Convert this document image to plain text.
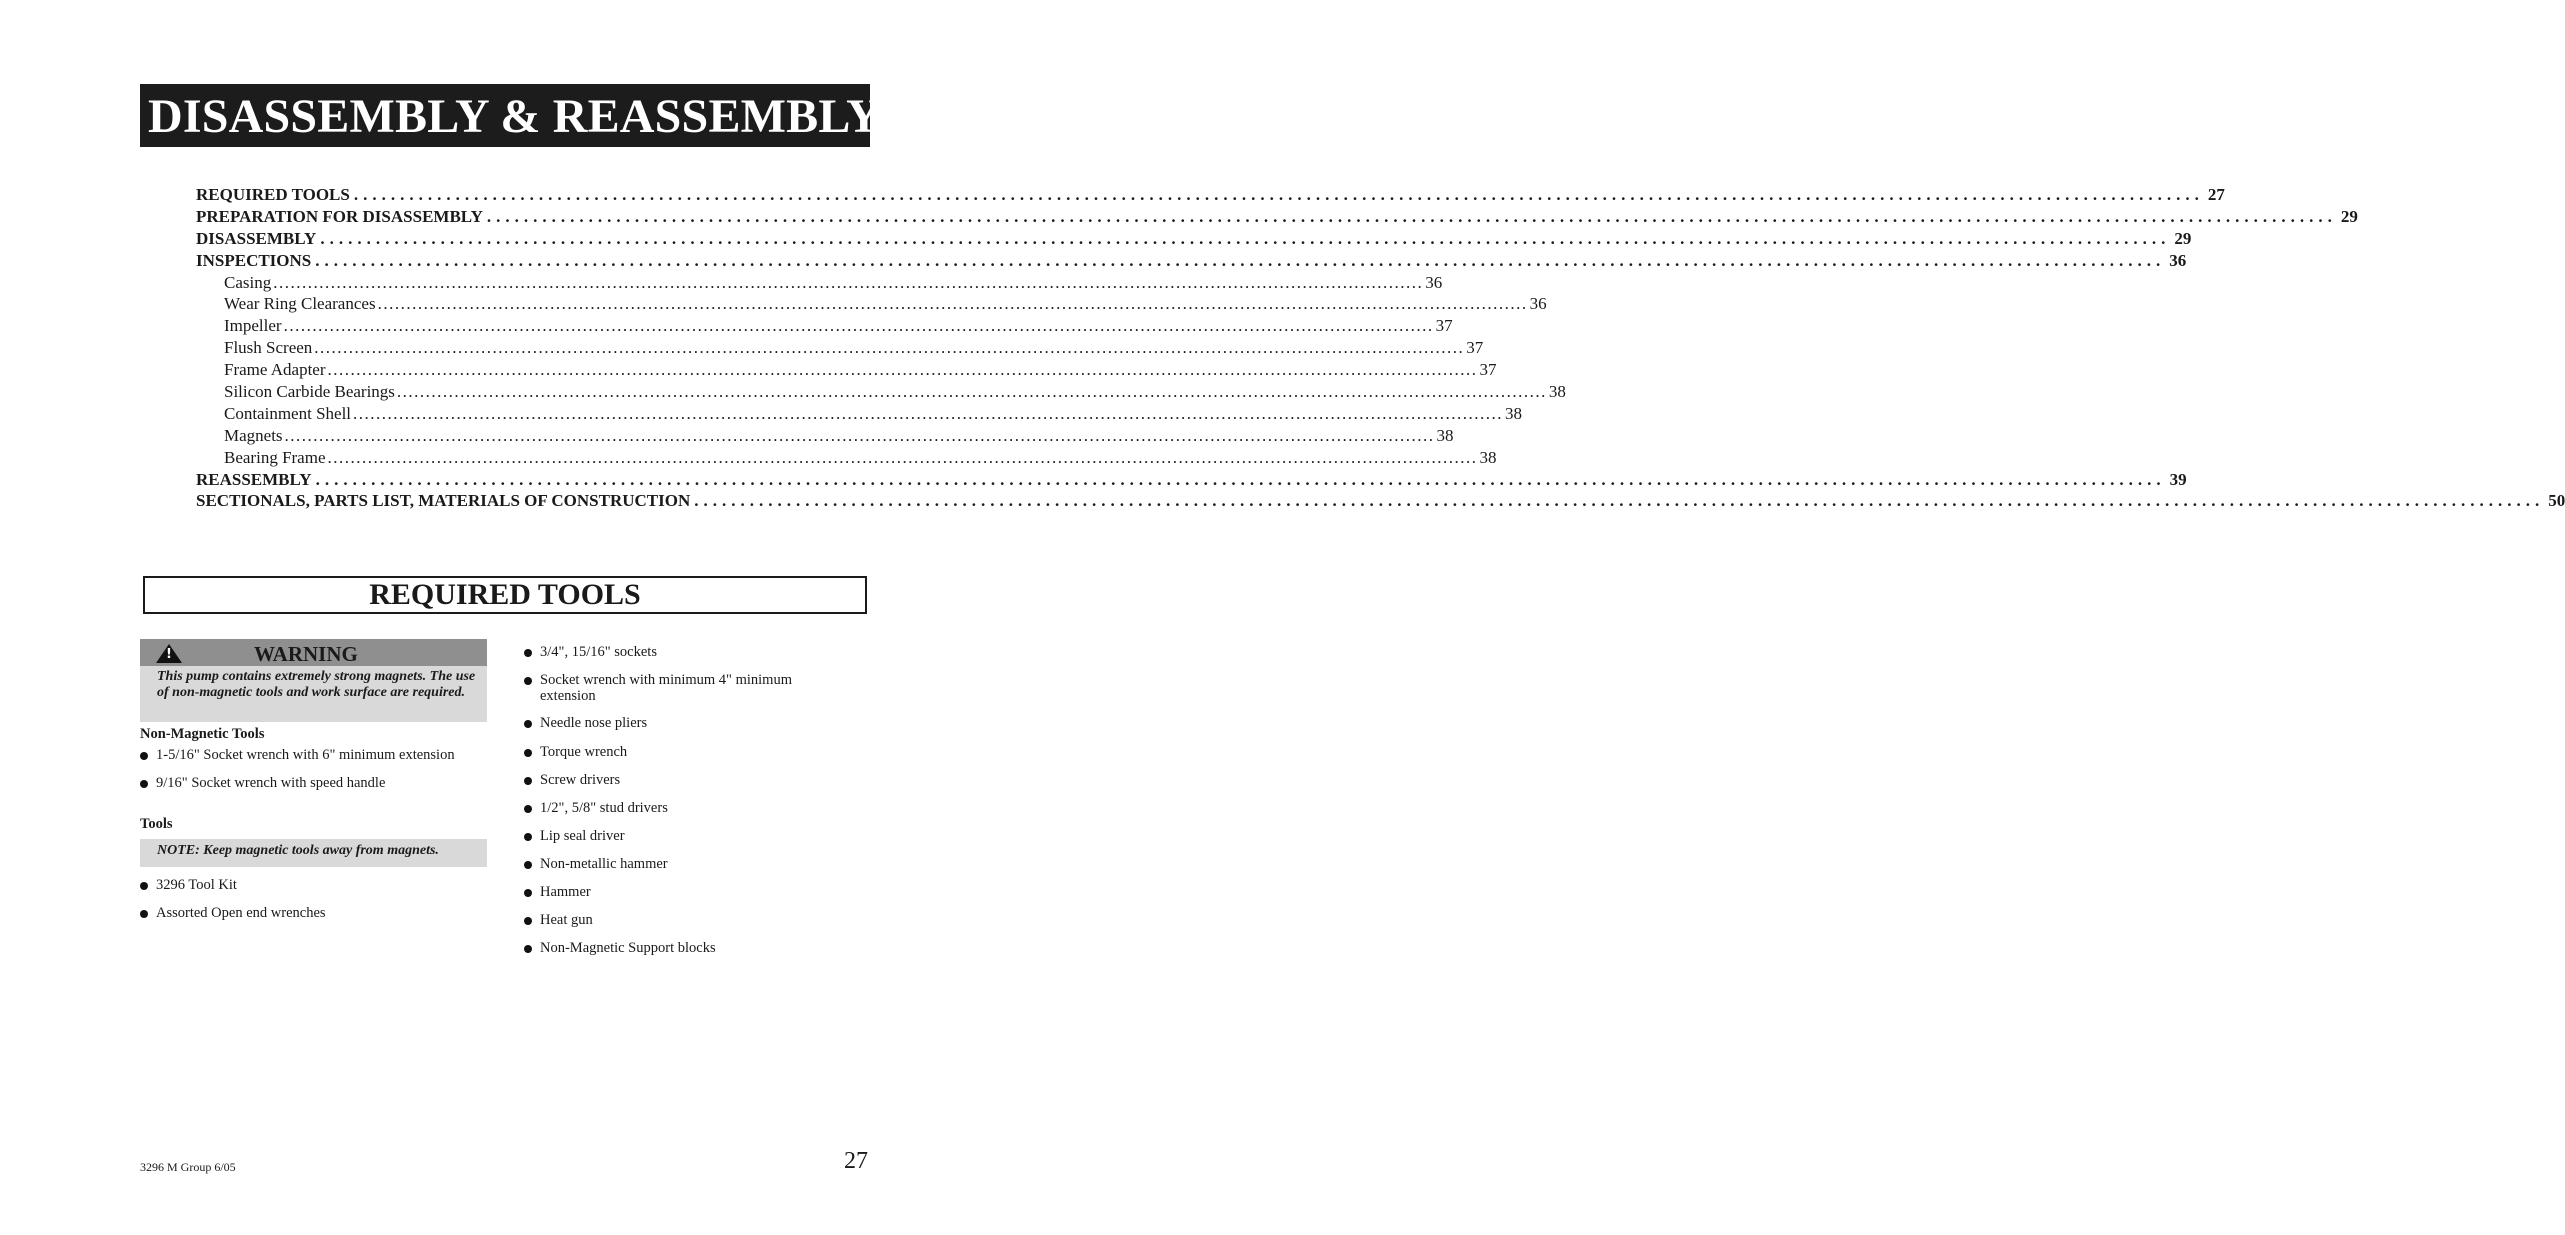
DISASSEMBLY & REASSEMBLY
REQUIRED TOOLS ........................................................................................................................................................................................................ 27
PREPARATION FOR DISASSEMBLY ........................................................................................................................................................................................................ 29
DISASSEMBLY ........................................................................................................................................................................................................ 29
INSPECTIONS ........................................................................................................................................................................................................ 36
Casing ........................................................................................................................................................................................................ 36
Wear Ring Clearances ........................................................................................................................................................................................................ 36
Impeller ........................................................................................................................................................................................................ 37
Flush Screen ........................................................................................................................................................................................................ 37
Frame Adapter ........................................................................................................................................................................................................ 37
Silicon Carbide Bearings ........................................................................................................................................................................................................ 38
Containment Shell ........................................................................................................................................................................................................ 38
Magnets ........................................................................................................................................................................................................ 38
Bearing Frame ........................................................................................................................................................................................................ 38
REASSEMBLY ........................................................................................................................................................................................................ 39
SECTIONALS, PARTS LIST, MATERIALS OF CONSTRUCTION ........................................................................................................................................................................................................ 50
REQUIRED TOOLS
!	WARNING
This pump contains extremely strong magnets. The use of non-magnetic tools and work surface are required.
Non-Magnetic Tools
1-5/16" Socket wrench with 6" minimum extension
9/16" Socket wrench with speed handle
Tools
NOTE: Keep magnetic tools away from magnets.
3296 Tool Kit
Assorted Open end wrenches
3/4", 15/16" sockets
Socket wrench with minimum 4" minimum extension
Needle nose pliers
Torque wrench
Screw drivers
1/2", 5/8" stud drivers
Lip seal driver
Non-metallic hammer
Hammer
Heat gun
Non-Magnetic Support blocks
3296 M Group 6/05	27
